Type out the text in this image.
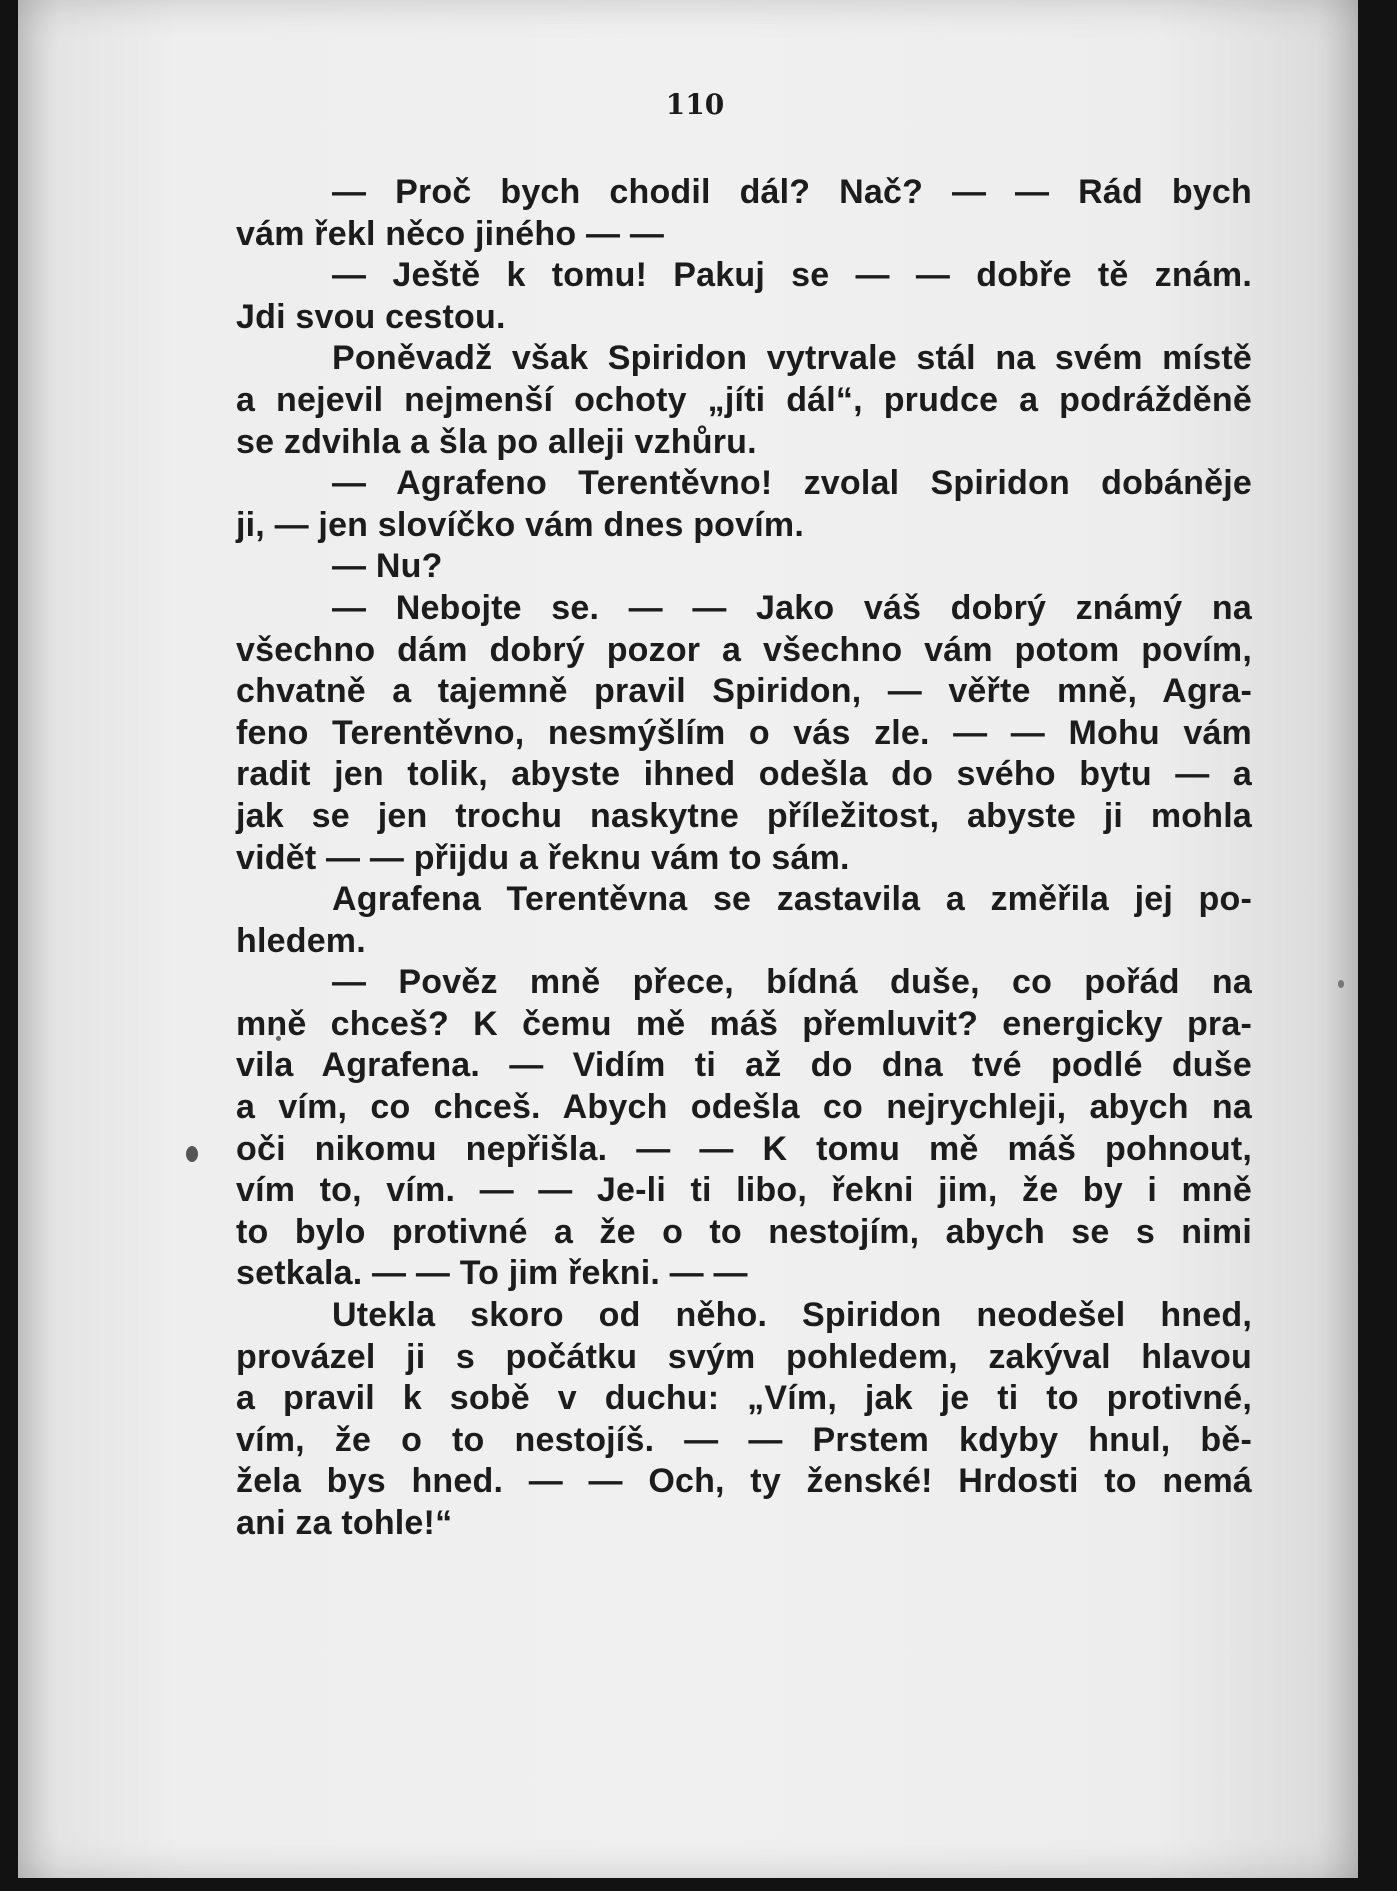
110
— Proč bych chodil dál? Nač? — — Rád bych
vám řekl něco jiného — —
— Ještě k tomu! Pakuj se — — dobře tě znám.
Jdi svou cestou.
Poněvadž však Spiridon vytrvale stál na svém místě
a nejevil nejmenší ochoty „jíti dál“, prudce a podrážděně
se zdvihla a šla po alleji vzhůru.
— Agrafeno Terentěvno! zvolal Spiridon dobáněje
ji, — jen slovíčko vám dnes povím.
— Nu?
— Nebojte se. — — Jako váš dobrý známý na
všechno dám dobrý pozor a všechno vám potom povím,
chvatně a tajemně pravil Spiridon, — věřte mně, Agra-
feno Terentěvno, nesmýšlím o vás zle. — — Mohu vám
radit jen tolik, abyste ihned odešla do svého bytu — a
jak se jen trochu naskytne příležitost, abyste ji mohla
vidět — — přijdu a řeknu vám to sám.
Agrafena Terentěvna se zastavila a změřila jej po-
hledem.
— Pověz mně přece, bídná duše, co pořád na
mně chceš? K čemu mě máš přemluvit? energicky pra-
vila Agrafena. — Vidím ti až do dna tvé podlé duše
a vím, co chceš. Abych odešla co nejrychleji, abych na
oči nikomu nepřišla. — — K tomu mě máš pohnout,
vím to, vím. — — Je-li ti libo, řekni jim, že by i mně
to bylo protivné a že o to nestojím, abych se s nimi
setkala. — — To jim řekni. — —
Utekla skoro od něho. Spiridon neodešel hned,
provázel ji s počátku svým pohledem, zakýval hlavou
a pravil k sobě v duchu: „Vím, jak je ti to protivné,
vím, že o to nestojíš. — — Prstem kdyby hnul, bě-
žela bys hned. — — Och, ty ženské! Hrdosti to nemá
ani za tohle!“
